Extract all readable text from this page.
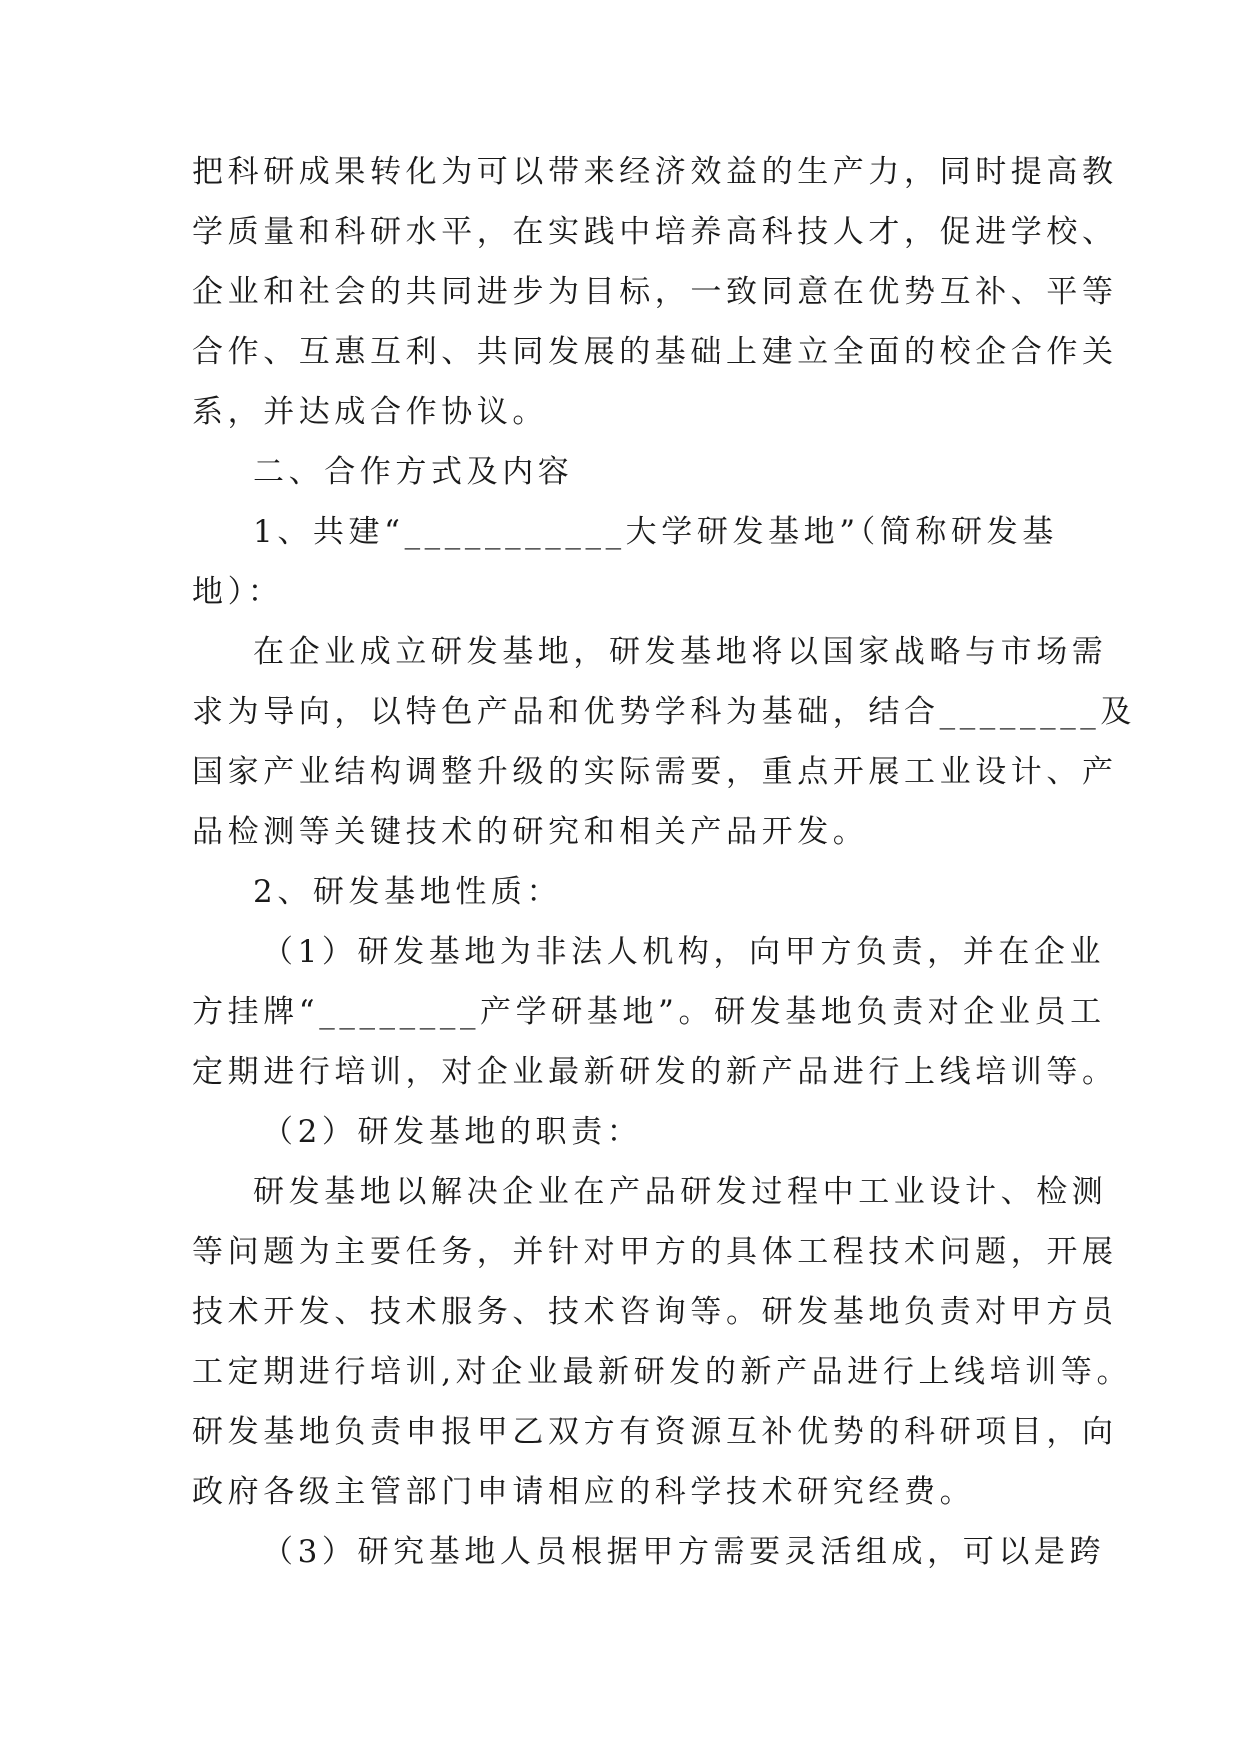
把科研成果转化为可以带来经济效益的生产力，同时提高教
学质量和科研水平，在实践中培养高科技人才，促进学校、
企业和社会的共同进步为目标，一致同意在优势互补、平等
合作、互惠互利、共同发展的基础上建立全面的校企合作关
系，并达成合作协议。
二、合作方式及内容
1、共建“___________大学研发基地”（简称研发基
地）：
在企业成立研发基地，研发基地将以国家战略与市场需
求为导向，以特色产品和优势学科为基础，结合________及
国家产业结构调整升级的实际需要，重点开展工业设计、产
品检测等关键技术的研究和相关产品开发。
2、研发基地性质：
（1）研发基地为非法人机构，向甲方负责，并在企业
方挂牌“________产学研基地”。研发基地负责对企业员工
定期进行培训，对企业最新研发的新产品进行上线培训等。
（2）研发基地的职责：
研发基地以解决企业在产品研发过程中工业设计、检测
等问题为主要任务，并针对甲方的具体工程技术问题，开展
技术开发、技术服务、技术咨询等。研发基地负责对甲方员
工定期进行培训,对企业最新研发的新产品进行上线培训等。
研发基地负责申报甲乙双方有资源互补优势的科研项目，向
政府各级主管部门申请相应的科学技术研究经费。
（3）研究基地人员根据甲方需要灵活组成，可以是跨
